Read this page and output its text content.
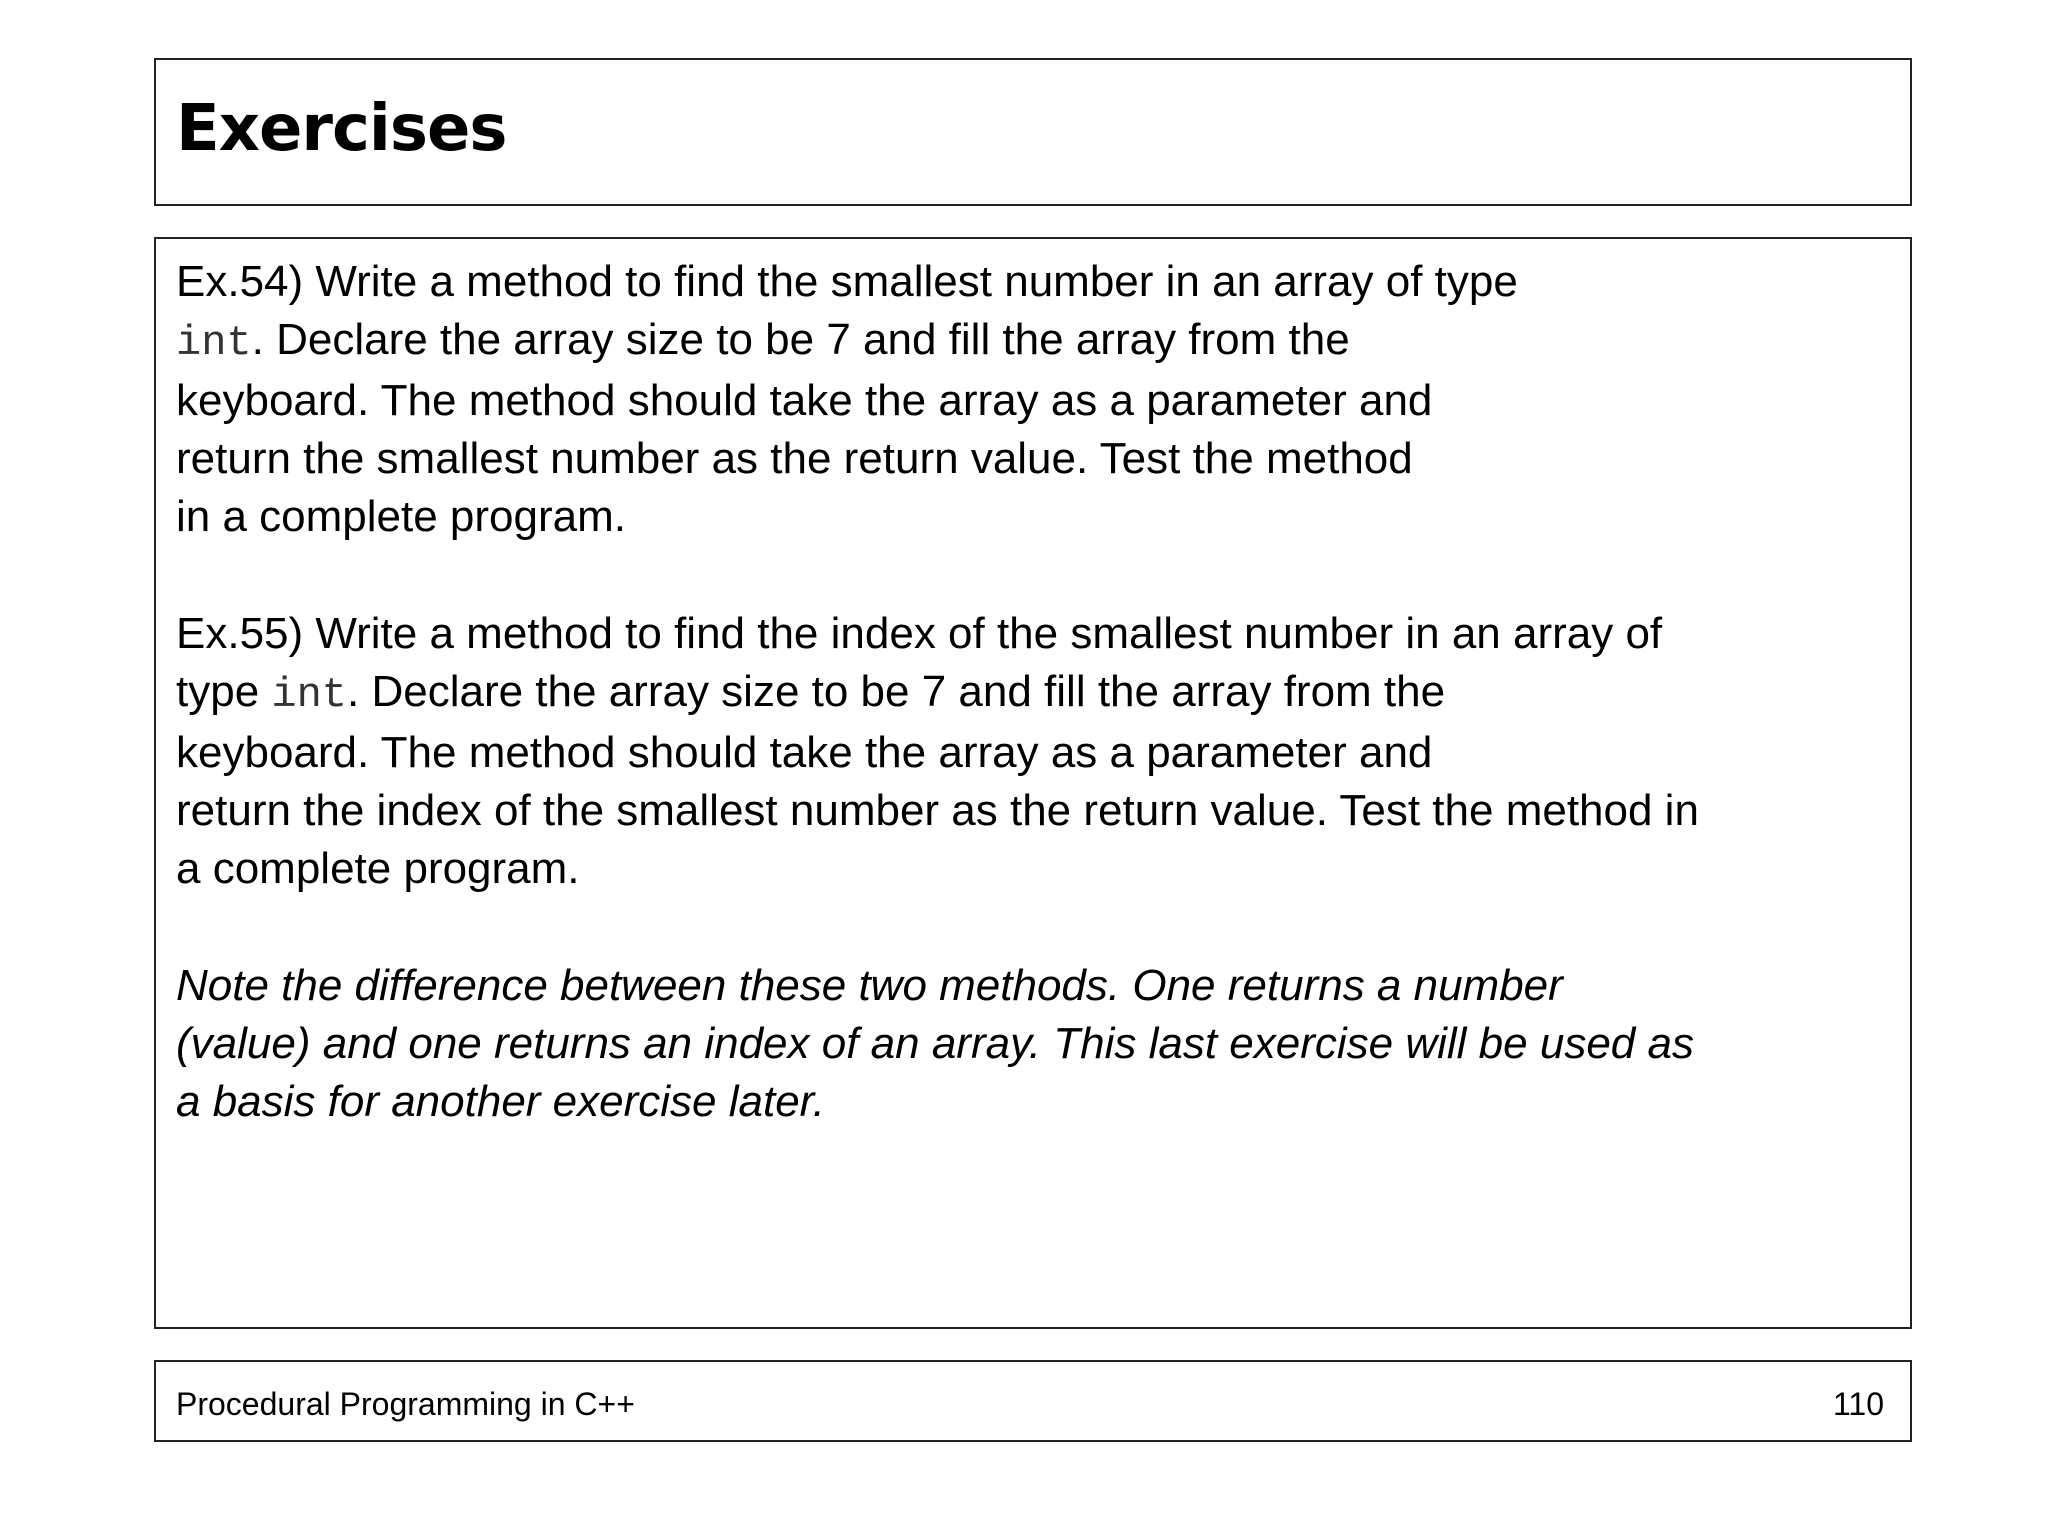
Exercises

Ex.54) Write a method to find the smallest number in an array of type
int. Declare the array size to be 7 and fill the array from the
keyboard. The method should take the array as a parameter and
return the smallest number as the return value. Test the method
in a complete program.

Ex.55) Write a method to find the index of the smallest number in an array of
type int. Declare the array size to be 7 and fill the array from the
keyboard. The method should take the array as a parameter and
return the index of the smallest number as the return value. Test the method in
a complete program.

Note the difference between these two methods. One returns a number
(value) and one returns an index of an array. This last exercise will be used as
a basis for another exercise later.

Procedural Programming in C++	110
